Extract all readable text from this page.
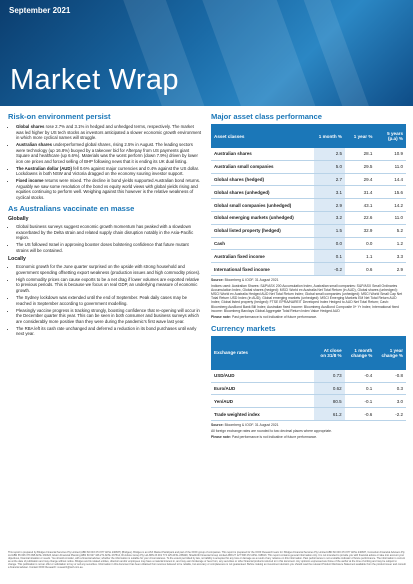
September 2021
Market Wrap
Risk-on environment persist
• Global shares rose 2.7% and 3.1% in hedged and unhedged terms, respectively. The market was led higher by US tech stocks as investors anticipated a slower economic growth environment in which more cyclical names will struggle.
• Australian shares underperformed global shares, rising 2.5% in August. The leading sectors were technology (up 16.8%) buoyed by a takeover bid for Afterpay from US payments giant Square and healthcare (up 6.6%). Materials was the worst perform (down 7.9%) driven by lower iron ore prices and forced selling of BHP following news that it is ending its UK dual listing.
• The Australian dollar (AUD) fell 0.6% against major currencies and 0.4% against the US dollar. Lockdowns in both NSW and Victoria dragged on the economy souring investor support.
• Fixed income returns were mixed. The decline in bond yields supported Australian bond returns. Arguably we saw some resolution of the bond vs equity world views with global yields rising and equities continuing to perform well. Weighing against this however is the relative weakness of cyclical stocks.
As Australians vaccinate en masse
Globally
• Global business surveys suggest economic growth momentum has peaked with a slowdown exacerbated by the Delta strain and related supply chain disruption notably in the Asia-Pacific region.
• The US followed Israel in approving booster doses bolstering confidence that future mutant strains will be contained.
Locally
• Economic growth for the June quarter surprised on the upside with strong household and government spending offsetting export weakness (production issues and high commodity prices).
• High commodity prices can cause exports to be a net drag if lower volumes are exported relative to previous periods. This is because we focus on real GDP, an underlying measure of economic growth.
• The Sydney lockdown was extended until the end of September. Peak daily cases may be reached in September according to government modelling.
• Pleasingly vaccine progress is tracking strongly, boosting confidence that re-opening will occur in the December quarter this year. This can be seen in both consumer and business surveys which are considerably more positive than they were during the pandemic's first wave last year.
• The RBA left its cash rate unchanged and deferred a reduction in its bond purchases until early next year.
Major asset class performance
Asset classes	1 month %	1 year %	5 years (p.a) %
Australian shares	2.5	28.1	10.9
Australian small companies	5.0	29.5	11.0
Global shares (hedged)	2.7	29.4	14.4
Global shares (unhedged)	3.1	31.4	15.6
Global small companies (unhedged)	2.9	43.1	14.2
Global emerging markets (unhedged)	3.2	22.6	11.0
Global listed property (hedged)	1.5	32.9	5.2
Cash	0.0	0.0	1.2
Australian fixed income	0.1	1.1	3.3
International fixed income	-0.2	0.6	2.9
Source: Bloomberg & IOOF. 31 August 2021
Indices used: Australian Shares: S&P/ASX 200 Accumulation Index, Australian small companies: S&P/ASX Small Ordinaries Accumulation Index, Global shares (hedged): MSCI World ex Australia Net Total Return (in AUD), Global shares (unhedged): MSCI World ex Australia Hedged AUD Net Total Return Index; Global small companies (unhedged): MSCI World Small Cap Net Total Return USD Index (in AUD); Global emerging markets (unhedged): MSCI Emerging Markets EM Net Total Return AUD Index; Global listed property (hedged): FTSE EPRA/NAREIT Developed Index Hedged to AUD Net Total Return; Cash: Bloomberg AusBond Bank Bill Index; Australian fixed income: Bloomberg AusBond Composite 0+ Yr Index; International fixed income: Bloomberg Barclays Global Aggregate Total Return Index Value Hedged AUD
Please note: Past performance is not indicative of future performance.
Currency markets
Exchange rates	At close on 31/8 %	1 month change %	1 year change %
USD/AUD	0.73	-0.4	-0.8
Euro/AUD	0.62	0.1	0.3
Yen/AUD	80.5	-0.1	3.0
Trade weighted index	61.2	-0.6	-2.2
Source: Bloomberg & IOOF. 31 August 2021
All foreign exchange rates are rounded to two decimal places where appropriate.
Please note: Past performance is not indicative of future performance.
This report is prepared by Bridges Financial Services Pty Limited (ABN 60 003 474 977 AFSL 240837) (Bridges). Bridges is an ASX Market Participant and part of the IOOF group of companies. This report is prepared for the IOOF Research team for: Bridges Financial Services Pty Limited ABN 60 003 474 977 AFSL 240837, Consultum Financial Advisers Pty Ltd ABN 65 006 373 995 AFSL 230323, Elston Financial Planning ABN 60 627 446 271 AFSL 237514, RI Advice Group Pty Ltd ABN 23 001 774 125 AFSL 238429, Shadforth Financial Group Limited ABN 27 127 508 472 AFSL 318613. This report contains general information only. It is not intended to provide you with financial advice or take into account your objectives, financial situation or needs. You should consider, with a financial adviser, whether the information is suitable for your circumstances. To the extent permitted by law, no liability is accepted for any loss or damage as a result of any reliance on this information. Past performance is not a reliable indicator of future performance. The information is current as at the date of publication and may change without notice. Bridges and its related entities, directors and/or employees may have a material interest in, and may earn brokerage or fees from, any securities or other financial products referred to in this document. Any opinions expressed are those of the author at the time of writing and may be subject to change. This publication is not an offer or solicitation to buy or sell any securities. Information in this document has been obtained from sources believed to be reliable, but accuracy or completeness is not guaranteed. Before making an investment decision you should read the relevant Product Disclosure Statement available from the product issuer and consult a financial adviser. Contact IOOF Research: research@ioof.com.au.
